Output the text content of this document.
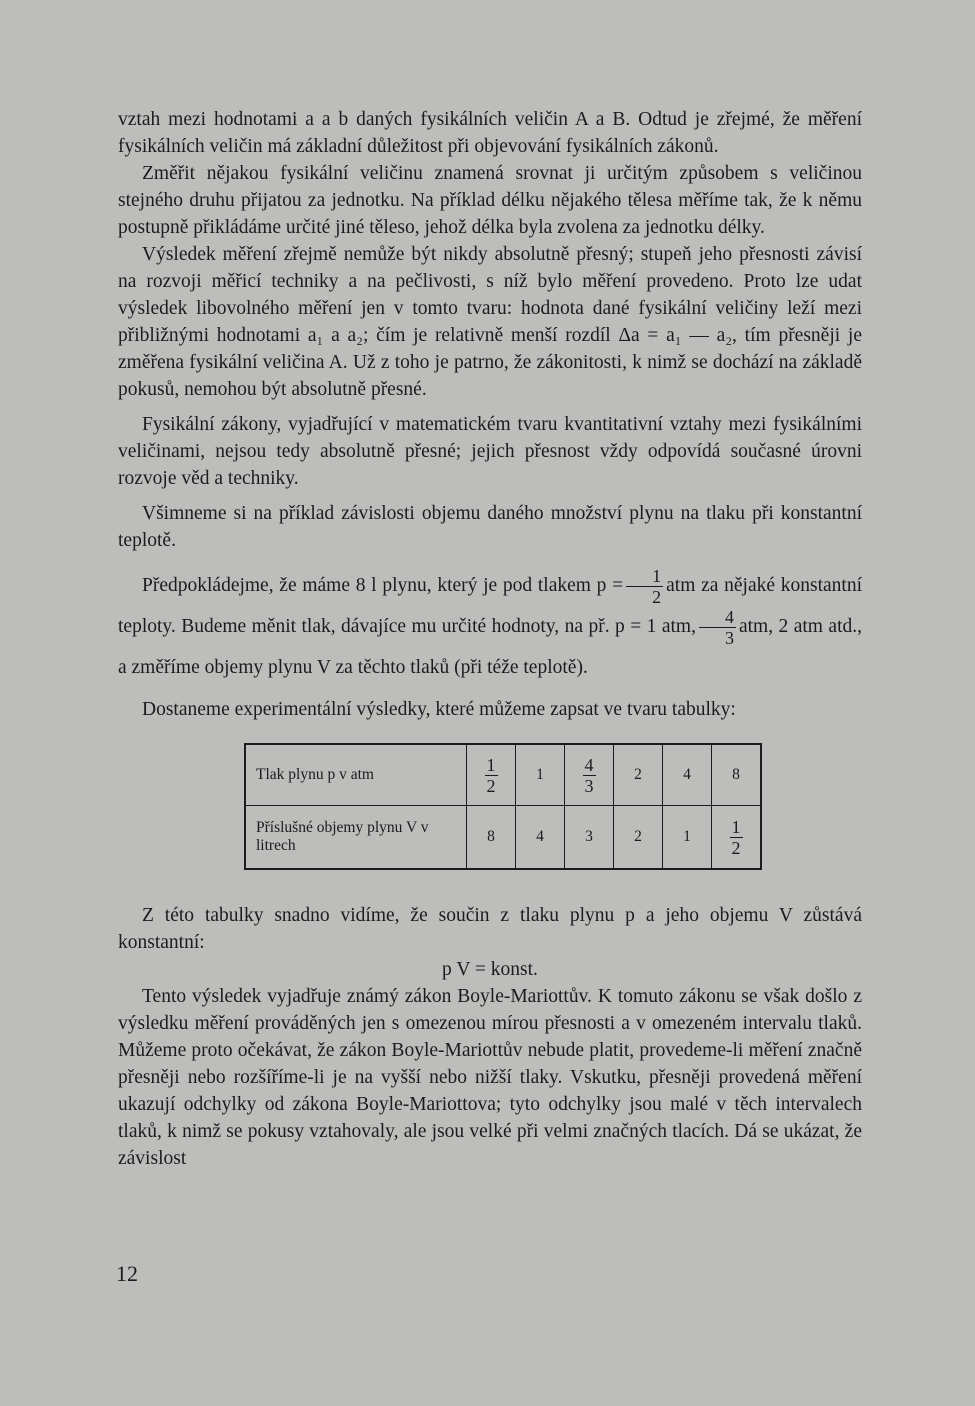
vztah mezi hodnotami a a b daných fysikálních veličin A a B. Odtud je zřejmé, že měření fysikálních veličin má základní důležitost při objevování fysikálních zákonů.

Změřit nějakou fysikální veličinu znamená srovnat ji určitým způsobem s veličinou stejného druhu přijatou za jednotku. Na příklad délku nějakého tělesa měříme tak, že k němu postupně přikládáme určité jiné těleso, jehož délka byla zvolena za jednotku délky.

Výsledek měření zřejmě nemůže být nikdy absolutně přesný; stupeň jeho přesnosti závisí na rozvoji měřicí techniky a na pečlivosti, s níž bylo měření provedeno. Proto lze udat výsledek libovolného měření jen v tomto tvaru: hodnota dané fysikální veličiny leží mezi přibližnými hodnotami a₁ a a₂; čím je relativně menší rozdíl Δa = a₁ — a₂, tím přesněji je změřena fysikální veličina A. Už z toho je patrno, že zákonitosti, k nimž se dochází na základě pokusů, nemohou být absolutně přesné.

Fysikální zákony, vyjadřující v matematickém tvaru kvantitativní vztahy mezi fysikálními veličinami, nejsou tedy absolutně přesné; jejich přesnost vždy odpovídá současné úrovni rozvoje věd a techniky.

Všimneme si na příklad závislosti objemu daného množství plynu na tlaku při konstantní teplotě.

Předpokládejme, že máme 8 l plynu, který je pod tlakem $p = \frac{1}{2}$ atm za nějaké konstantní teploty. Budeme měnit tlak, dávajíce mu určité hodnoty, na př. p = 1 atm, $\frac{4}{3}$ atm, 2 atm atd., a změříme objemy plynu V za těchto tlaků (při téže teplotě).

Dostaneme experimentální výsledky, které můžeme zapsat ve tvaru tabulky:

Tlak plynu p v atm	$\frac{1}{2}$	1	$\frac{4}{3}$	2	4	8
Příslušné objemy plynu V v litrech	8	4	3	2	1	$\frac{1}{2}$

Z této tabulky snadno vidíme, že součin z tlaku plynu p a jeho objemu V zůstává konstantní:

p V = konst.

Tento výsledek vyjadřuje známý zákon Boyle-Mariottův. K tomuto zákonu se však došlo z výsledku měření prováděných jen s omezenou mírou přesnosti a v omezeném intervalu tlaků. Můžeme proto očekávat, že zákon Boyle-Mariottův nebude platit, provedeme-li měření značně přesněji nebo rozšíříme-li je na vyšší nebo nižší tlaky. Vskutku, přesněji provedená měření ukazují odchylky od zákona Boyle-Mariottova; tyto odchylky jsou malé v těch intervalech tlaků, k nimž se pokusy vztahovaly, ale jsou velké při velmi značných tlacích. Dá se ukázat, že závislost

12
